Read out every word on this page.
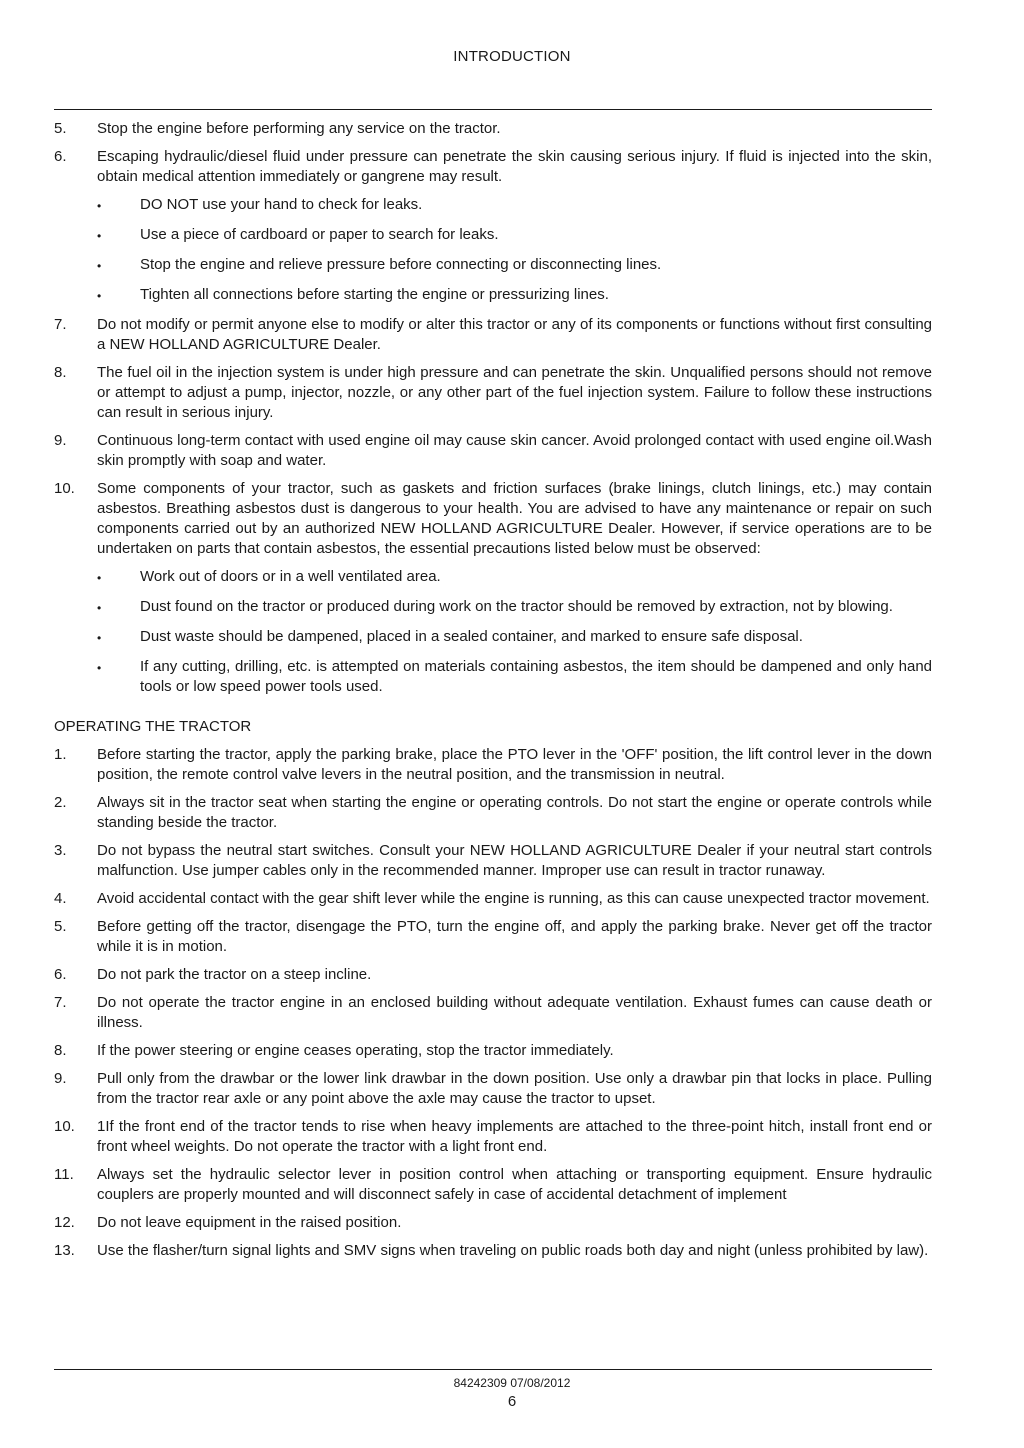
INTRODUCTION
5.	Stop the engine before performing any service on the tractor.
6.	Escaping hydraulic/diesel fluid under pressure can penetrate the skin causing serious injury. If fluid is injected into the skin, obtain medical attention immediately or gangrene may result.
•	DO NOT use your hand to check for leaks.
•	Use a piece of cardboard or paper to search for leaks.
•	Stop the engine and relieve pressure before connecting or disconnecting lines.
•	Tighten all connections before starting the engine or pressurizing lines.
7.	Do not modify or permit anyone else to modify or alter this tractor or any of its components or functions without first consulting a NEW HOLLAND AGRICULTURE Dealer.
8.	The fuel oil in the injection system is under high pressure and can penetrate the skin. Unqualified persons should not remove or attempt to adjust a pump, injector, nozzle, or any other part of the fuel injection system. Failure to follow these instructions can result in serious injury.
9.	Continuous long-term contact with used engine oil may cause skin cancer. Avoid prolonged contact with used engine oil.Wash skin promptly with soap and water.
10.	Some components of your tractor, such as gaskets and friction surfaces (brake linings, clutch linings, etc.) may contain asbestos. Breathing asbestos dust is dangerous to your health. You are advised to have any maintenance or repair on such components carried out by an authorized NEW HOLLAND AGRICULTURE Dealer. However, if service operations are to be undertaken on parts that contain asbestos, the essential precautions listed below must be observed:
•	Work out of doors or in a well ventilated area.
•	Dust found on the tractor or produced during work on the tractor should be removed by extraction, not by blowing.
•	Dust waste should be dampened, placed in a sealed container, and marked to ensure safe disposal.
•	If any cutting, drilling, etc. is attempted on materials containing asbestos, the item should be dampened and only hand tools or low speed power tools used.
OPERATING THE TRACTOR
1.	Before starting the tractor, apply the parking brake, place the PTO lever in the 'OFF' position, the lift control lever in the down position, the remote control valve levers in the neutral position, and the transmission in neutral.
2.	Always sit in the tractor seat when starting the engine or operating controls. Do not start the engine or operate controls while standing beside the tractor.
3.	Do not bypass the neutral start switches. Consult your NEW HOLLAND AGRICULTURE Dealer if your neutral start controls malfunction. Use jumper cables only in the recommended manner. Improper use can result in tractor runaway.
4.	Avoid accidental contact with the gear shift lever while the engine is running, as this can cause unexpected tractor movement.
5.	Before getting off the tractor, disengage the PTO, turn the engine off, and apply the parking brake. Never get off the tractor while it is in motion.
6.	Do not park the tractor on a steep incline.
7.	Do not operate the tractor engine in an enclosed building without adequate ventilation. Exhaust fumes can cause death or illness.
8.	If the power steering or engine ceases operating, stop the tractor immediately.
9.	Pull only from the drawbar or the lower link drawbar in the down position. Use only a drawbar pin that locks in place. Pulling from the tractor rear axle or any point above the axle may cause the tractor to upset.
10.	1If the front end of the tractor tends to rise when heavy implements are attached to the three-point hitch, install front end or front wheel weights. Do not operate the tractor with a light front end.
11.	Always set the hydraulic selector lever in position control when attaching or transporting equipment. Ensure hydraulic couplers are properly mounted and will disconnect safely in case of accidental detachment of implement
12.	Do not leave equipment in the raised position.
13.	Use the flasher/turn signal lights and SMV signs when traveling on public roads both day and night (unless prohibited by law).
84242309 07/08/2012
6
